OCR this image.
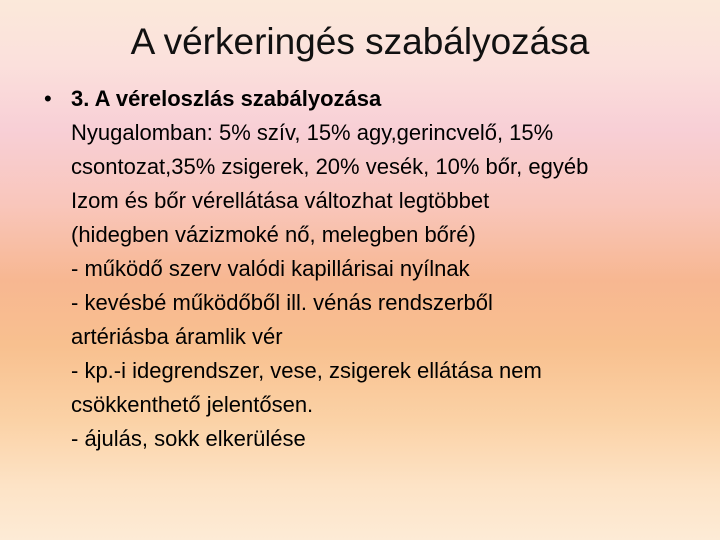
A vérkeringés szabályozása
• 3. A véreloszlás szabályozása
Nyugalomban: 5% szív, 15% agy,gerincvelő, 15%
csontozat,35% zsigerek, 20% vesék, 10% bőr, egyéb
Izom és bőr vérellátása változhat legtöbbet
(hidegben vázizmoké nő, melegben bőré)
- működő szerv valódi kapillárisai nyílnak
- kevésbé működőből ill. vénás rendszerből
artériásba áramlik vér
- kp.-i idegrendszer, vese, zsigerek ellátása nem
csökkenthető jelentősen.
- ájulás, sokk elkerülése
